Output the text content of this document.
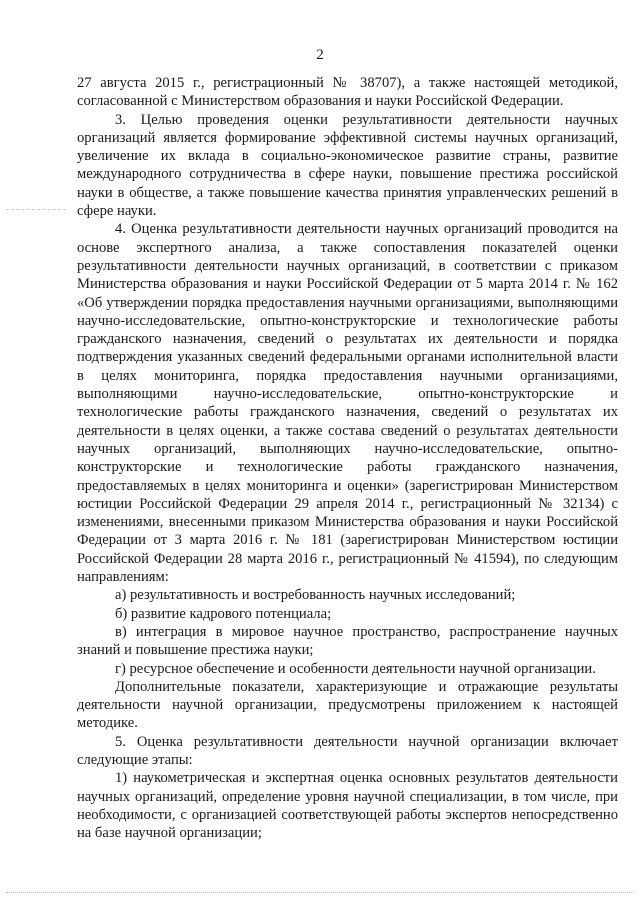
2

27 августа 2015 г., регистрационный № 38707), а также настоящей методикой, согласованной с Министерством образования и науки Российской Федерации.

3. Целью проведения оценки результативности деятельности научных организаций является формирование эффективной системы научных организаций, увеличение их вклада в социально-экономическое развитие страны, развитие международного сотрудничества в сфере науки, повышение престижа российской науки в обществе, а также повышение качества принятия управленческих решений в сфере науки.

4. Оценка результативности деятельности научных организаций проводится на основе экспертного анализа, а также сопоставления показателей оценки результативности деятельности научных организаций, в соответствии с приказом Министерства образования и науки Российской Федерации от 5 марта 2014 г. № 162 «Об утверждении порядка предоставления научными организациями, выполняющими научно-исследовательские, опытно-конструкторские и технологические работы гражданского назначения, сведений о результатах их деятельности и порядка подтверждения указанных сведений федеральными органами исполнительной власти в целях мониторинга, порядка предоставления научными организациями, выполняющими научно-исследовательские, опытно-конструкторские и технологические работы гражданского назначения, сведений о результатах их деятельности в целях оценки, а также состава сведений о результатах деятельности научных организаций, выполняющих научно-исследовательские, опытно-конструкторские и технологические работы гражданского назначения, предоставляемых в целях мониторинга и оценки» (зарегистрирован Министерством юстиции Российской Федерации 29 апреля 2014 г., регистрационный № 32134) с изменениями, внесенными приказом Министерства образования и науки Российской Федерации от 3 марта 2016 г. № 181 (зарегистрирован Министерством юстиции Российской Федерации 28 марта 2016 г., регистрационный № 41594), по следующим направлениям:

а) результативность и востребованность научных исследований;

б) развитие кадрового потенциала;

в) интеграция в мировое научное пространство, распространение научных знаний и повышение престижа науки;

г) ресурсное обеспечение и особенности деятельности научной организации.

Дополнительные показатели, характеризующие и отражающие результаты деятельности научной организации, предусмотрены приложением к настоящей методике.

5. Оценка результативности деятельности научной организации включает следующие этапы:

1) наукометрическая и экспертная оценка основных результатов деятельности научных организаций, определение уровня научной специализации, в том числе, при необходимости, с организацией соответствующей работы экспертов непосредственно на базе научной организации;
